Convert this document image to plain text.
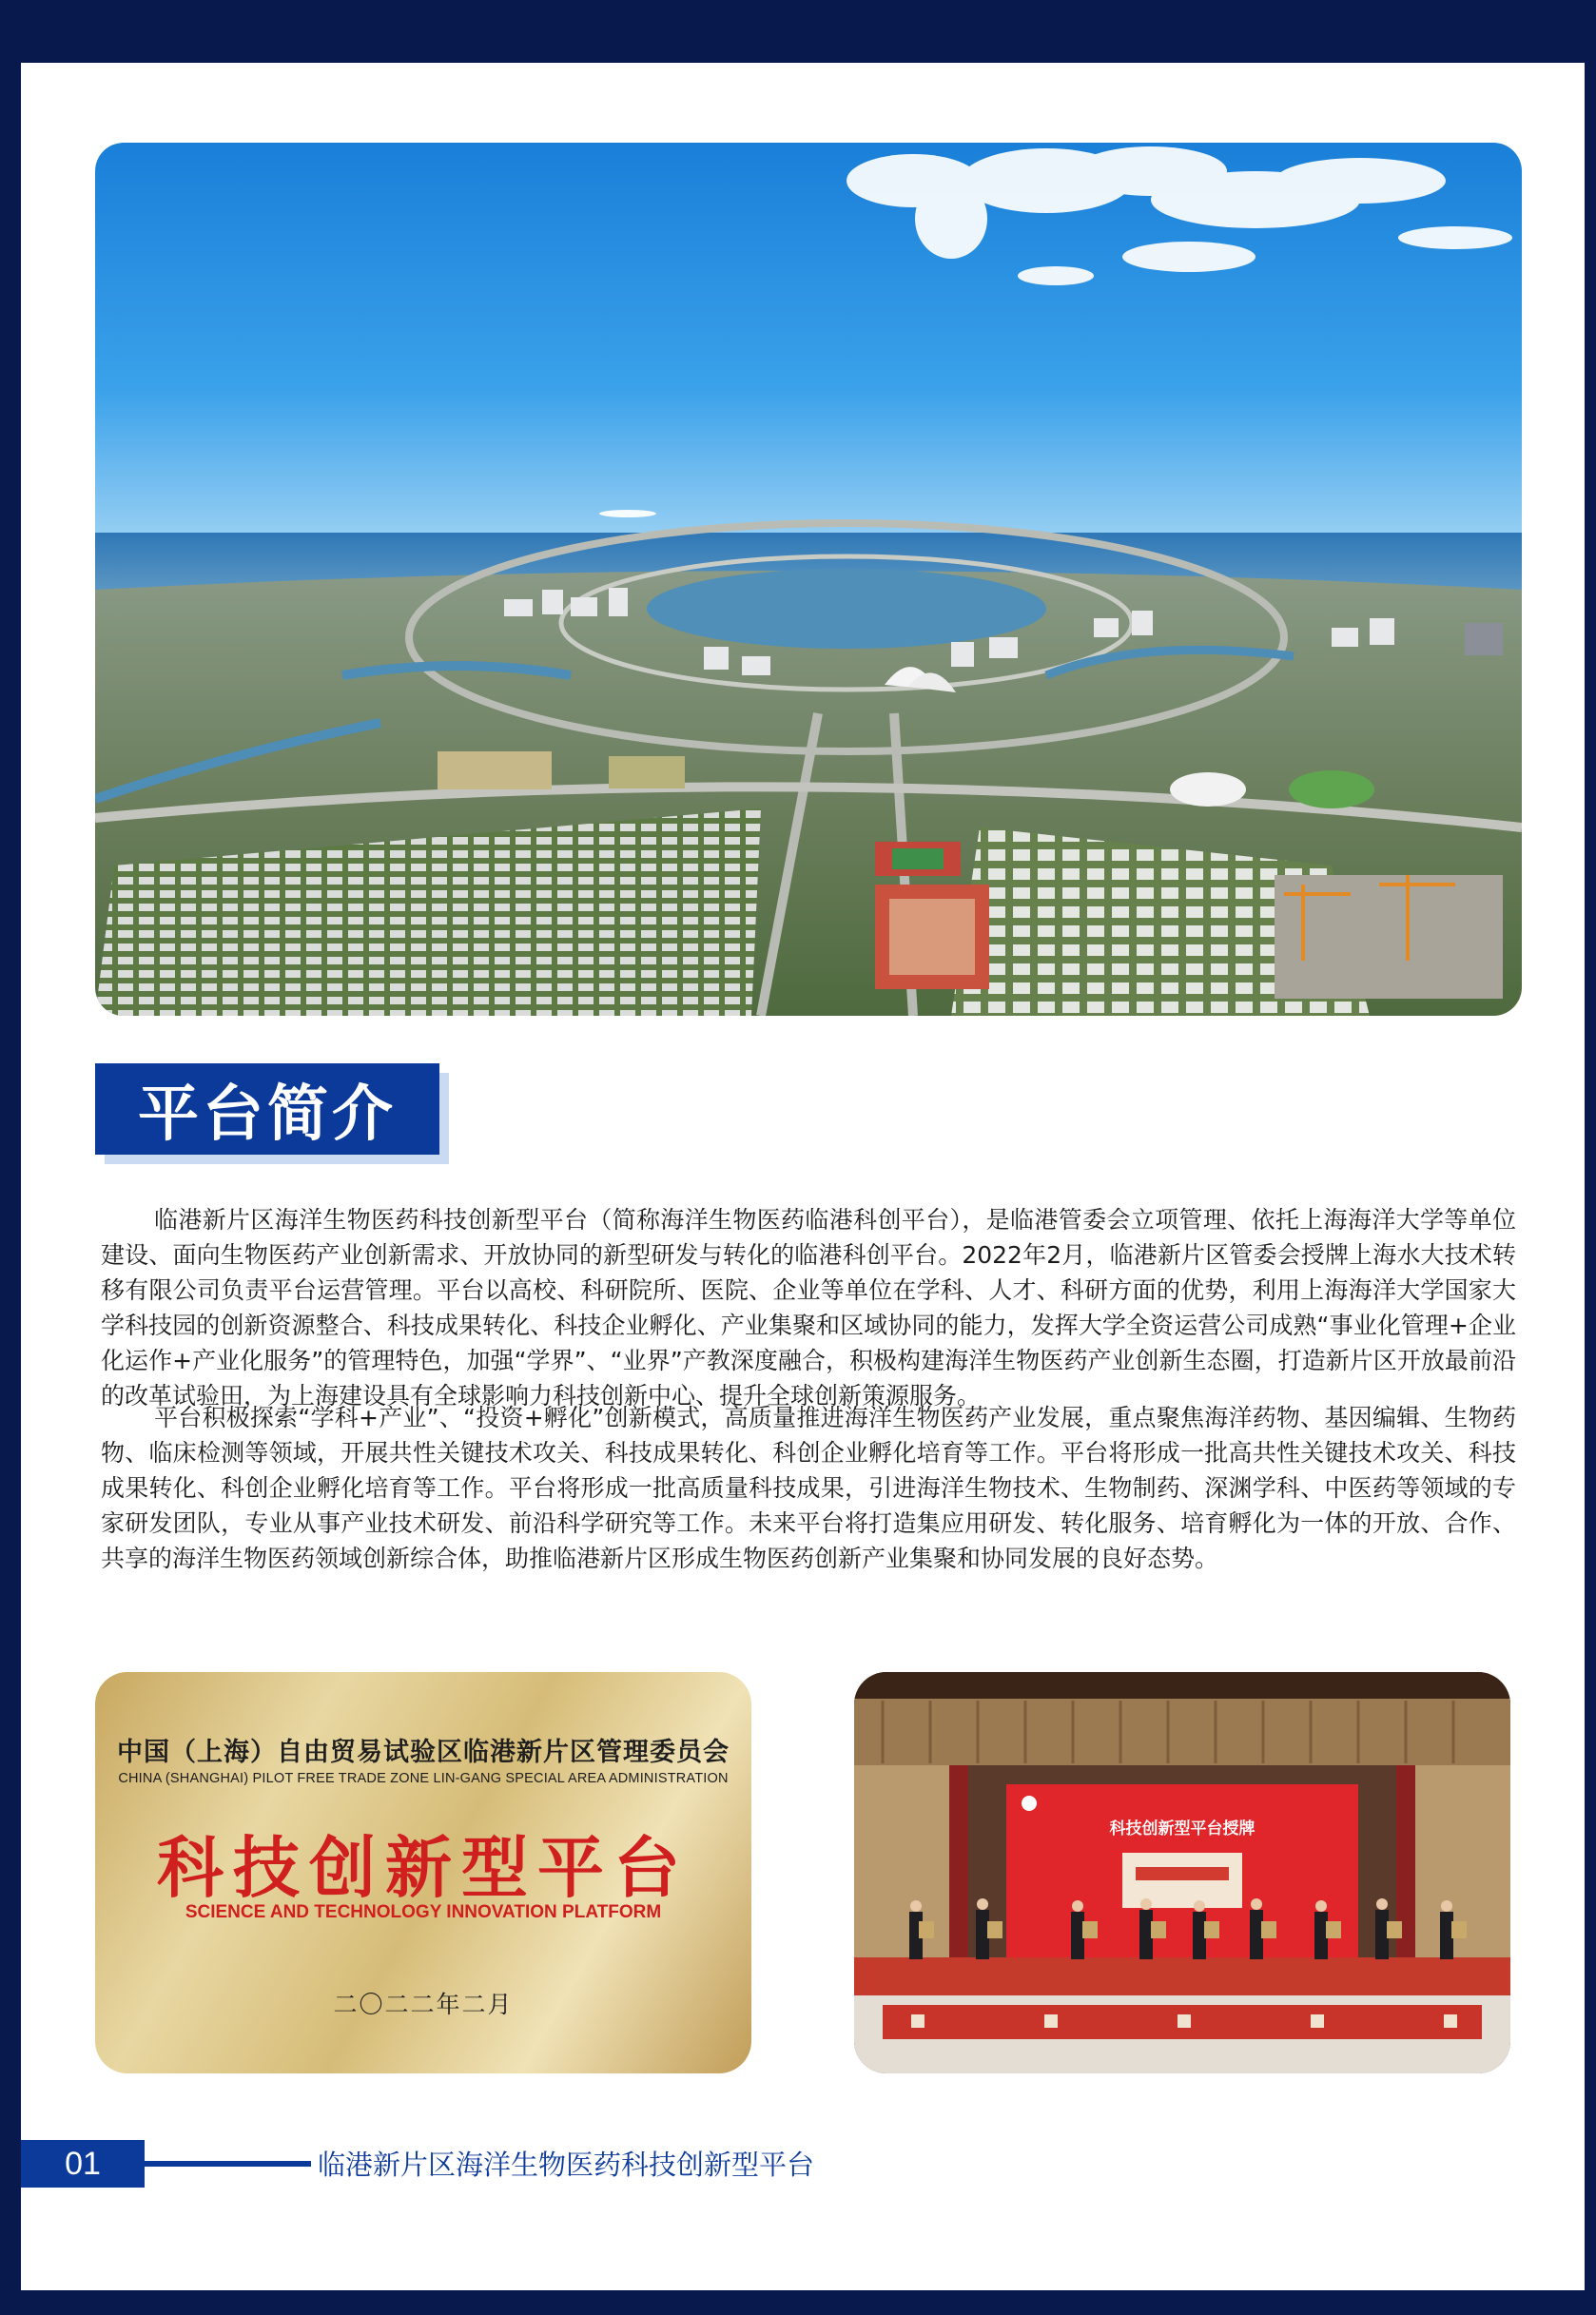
平台简介

临港新片区海洋生物医药科技创新型平台（简称海洋生物医药临港科创平台），是临港管委会立项管理、依托上海海洋大学等单位建设、面向生物医药产业创新需求、开放协同的新型研发与转化的临港科创平台。2022年2月，临港新片区管委会授牌上海水大技术转移有限公司负责平台运营管理。平台以高校、科研院所、医院、企业等单位在学科、人才、科研方面的优势，利用上海海洋大学国家大学科技园的创新资源整合、科技成果转化、科技企业孵化、产业集聚和区域协同的能力，发挥大学全资运营公司成熟“事业化管理+企业化运作+产业化服务”的管理特色，加强“学界”、“业界”产教深度融合，积极构建海洋生物医药产业创新生态圈，打造新片区开放最前沿的改革试验田，为上海建设具有全球影响力科技创新中心、提升全球创新策源服务。

平台积极探索“学科+产业”、“投资+孵化”创新模式，高质量推进海洋生物医药产业发展，重点聚焦海洋药物、基因编辑、生物药物、临床检测等领域，开展共性关键技术攻关、科技成果转化、科创企业孵化培育等工作。平台将形成一批高共性关键技术攻关、科技成果转化、科创企业孵化培育等工作。平台将形成一批高质量科技成果，引进海洋生物技术、生物制药、深渊学科、中医药等领域的专家研发团队，专业从事产业技术研发、前沿科学研究等工作。未来平台将打造集应用研发、转化服务、培育孵化为一体的开放、合作、共享的海洋生物医药领域创新综合体，助推临港新片区形成生物医药创新产业集聚和协同发展的良好态势。

中国（上海）自由贸易试验区临港新片区管理委员会
CHINA (SHANGHAI) PILOT FREE TRADE ZONE LIN-GANG SPECIAL AREA ADMINISTRATION
科技创新型平台
SCIENCE AND TECHNOLOGY INNOVATION PLATFORM
二〇二二年二月
科技创新型平台授牌
01	临港新片区海洋生物医药科技创新型平台
